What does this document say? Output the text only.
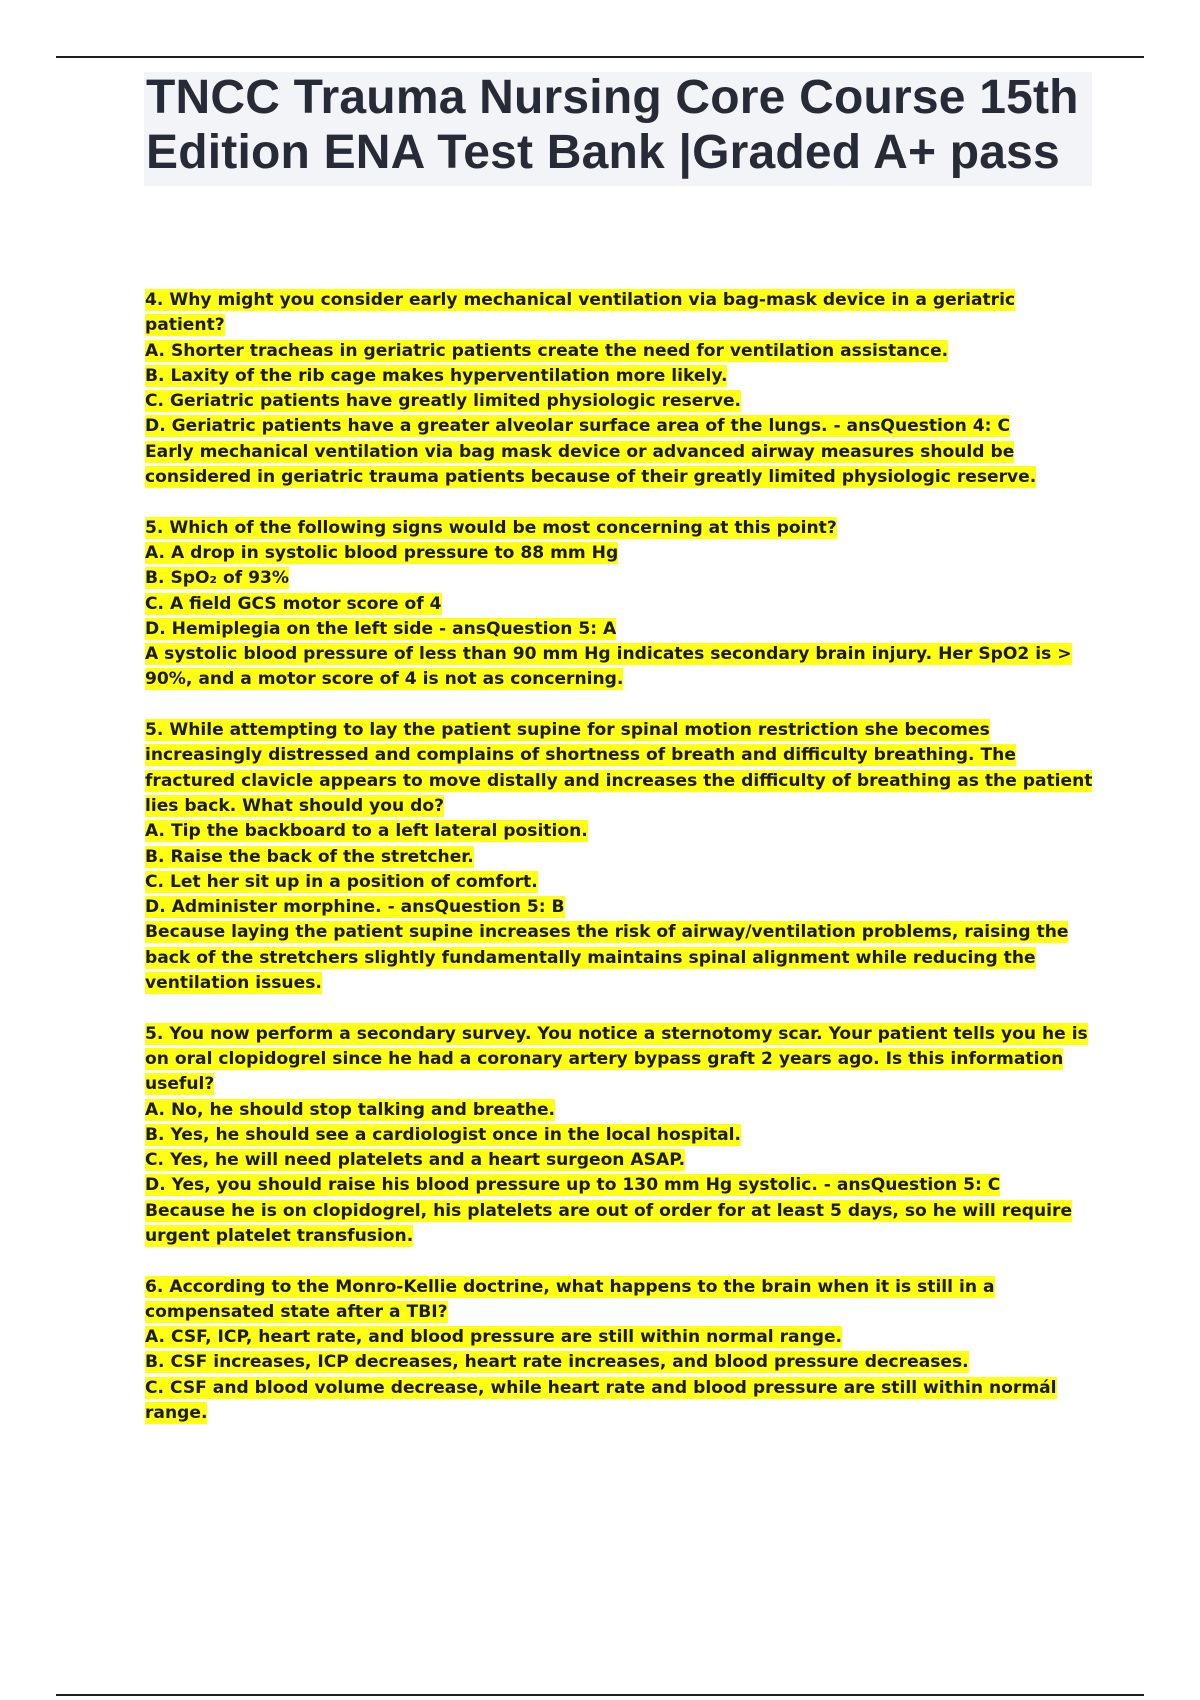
TNCC Trauma Nursing Core Course 15th Edition ENA Test Bank |Graded A+ pass
4. Why might you consider early mechanical ventilation via bag-mask device in a geriatric patient?
A. Shorter tracheas in geriatric patients create the need for ventilation assistance.
B. Laxity of the rib cage makes hyperventilation more likely.
C. Geriatric patients have greatly limited physiologic reserve.
D. Geriatric patients have a greater alveolar surface area of the lungs. - ansQuestion 4: C
Early mechanical ventilation via bag mask device or advanced airway measures should be considered in geriatric trauma patients because of their greatly limited physiologic reserve.
5. Which of the following signs would be most concerning at this point?
A. A drop in systolic blood pressure to 88 mm Hg
B. SpO₂ of 93%
C. A field GCS motor score of 4
D. Hemiplegia on the left side - ansQuestion 5: A
A systolic blood pressure of less than 90 mm Hg indicates secondary brain injury. Her SpO2 is > 90%, and a motor score of 4 is not as concerning.
5. While attempting to lay the patient supine for spinal motion restriction she becomes increasingly distressed and complains of shortness of breath and difficulty breathing. The fractured clavicle appears to move distally and increases the difficulty of breathing as the patient lies back. What should you do?
A. Tip the backboard to a left lateral position.
B. Raise the back of the stretcher.
C. Let her sit up in a position of comfort.
D. Administer morphine. - ansQuestion 5: B
Because laying the patient supine increases the risk of airway/ventilation problems, raising the back of the stretchers slightly fundamentally maintains spinal alignment while reducing the ventilation issues.
5. You now perform a secondary survey. You notice a sternotomy scar. Your patient tells you he is on oral clopidogrel since he had a coronary artery bypass graft 2 years ago. Is this information useful?
A. No, he should stop talking and breathe.
B. Yes, he should see a cardiologist once in the local hospital.
C. Yes, he will need platelets and a heart surgeon ASAP.
D. Yes, you should raise his blood pressure up to 130 mm Hg systolic. - ansQuestion 5: C
Because he is on clopidogrel, his platelets are out of order for at least 5 days, so he will require urgent platelet transfusion.
6. According to the Monro-Kellie doctrine, what happens to the brain when it is still in a compensated state after a TBI?
A. CSF, ICP, heart rate, and blood pressure are still within normal range.
B. CSF increases, ICP decreases, heart rate increases, and blood pressure decreases.
C. CSF and blood volume decrease, while heart rate and blood pressure are still within normál range.
